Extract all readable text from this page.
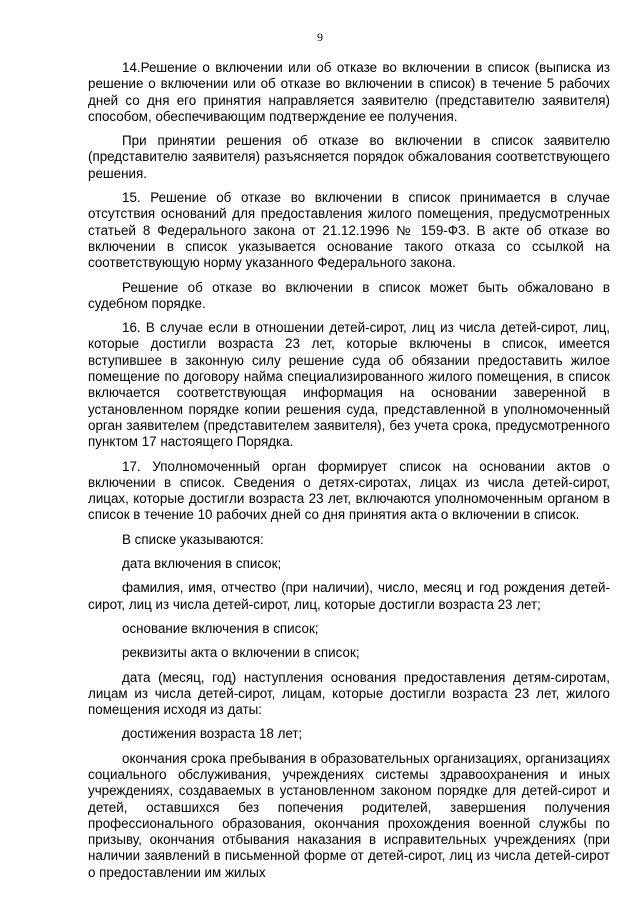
9

14.Решение о включении или об отказе во включении в список (выписка из решение о включении или об отказе во включении в список) в течение 5 рабочих дней со дня его принятия направляется заявителю (представителю заявителя) способом, обеспечивающим подтверждение ее получения.

При принятии решения об отказе во включении в список заявителю (представителю заявителя) разъясняется порядок обжалования соответствующего решения.

15. Решение об отказе во включении в список принимается в случае отсутствия оснований для предоставления жилого помещения, предусмотренных статьей 8 Федерального закона от 21.12.1996 № 159-ФЗ. В акте об отказе во включении в список указывается основание такого отказа со ссылкой на соответствующую норму указанного Федерального закона.

Решение об отказе во включении в список может быть обжаловано в судебном порядке.

16. В случае если в отношении детей-сирот, лиц из числа детей-сирот, лиц, которые достигли возраста 23 лет, которые включены в список, имеется вступившее в законную силу решение суда об обязании предоставить жилое помещение по договору найма специализированного жилого помещения, в список включается соответствующая информация на основании заверенной в установленном порядке копии решения суда, представленной в уполномоченный орган заявителем (представителем заявителя), без учета срока, предусмотренного пунктом 17 настоящего Порядка.

17. Уполномоченный орган формирует список на основании актов о включении в список. Сведения о детях-сиротах, лицах из числа детей-сирот, лицах, которые достигли возраста 23 лет, включаются уполномоченным органом в список в течение 10 рабочих дней со дня принятия акта о включении в список.

В списке указываются:

дата включения в список;

фамилия, имя, отчество (при наличии), число, месяц и год рождения детей-сирот, лиц из числа детей-сирот, лиц, которые достигли возраста 23 лет;

основание включения в список;

реквизиты акта о включении в список;

дата (месяц, год) наступления основания предоставления детям-сиротам, лицам из числа детей-сирот, лицам, которые достигли возраста 23 лет, жилого помещения исходя из даты:

достижения возраста 18 лет;

окончания срока пребывания в образовательных организациях, организациях социального обслуживания, учреждениях системы здравоохранения и иных учреждениях, создаваемых в установленном законом порядке для детей-сирот и детей, оставшихся без попечения родителей, завершения получения профессионального образования, окончания прохождения военной службы по призыву, окончания отбывания наказания в исправительных учреждениях (при наличии заявлений в письменной форме от детей-сирот, лиц из числа детей-сирот о предоставлении им жилых
